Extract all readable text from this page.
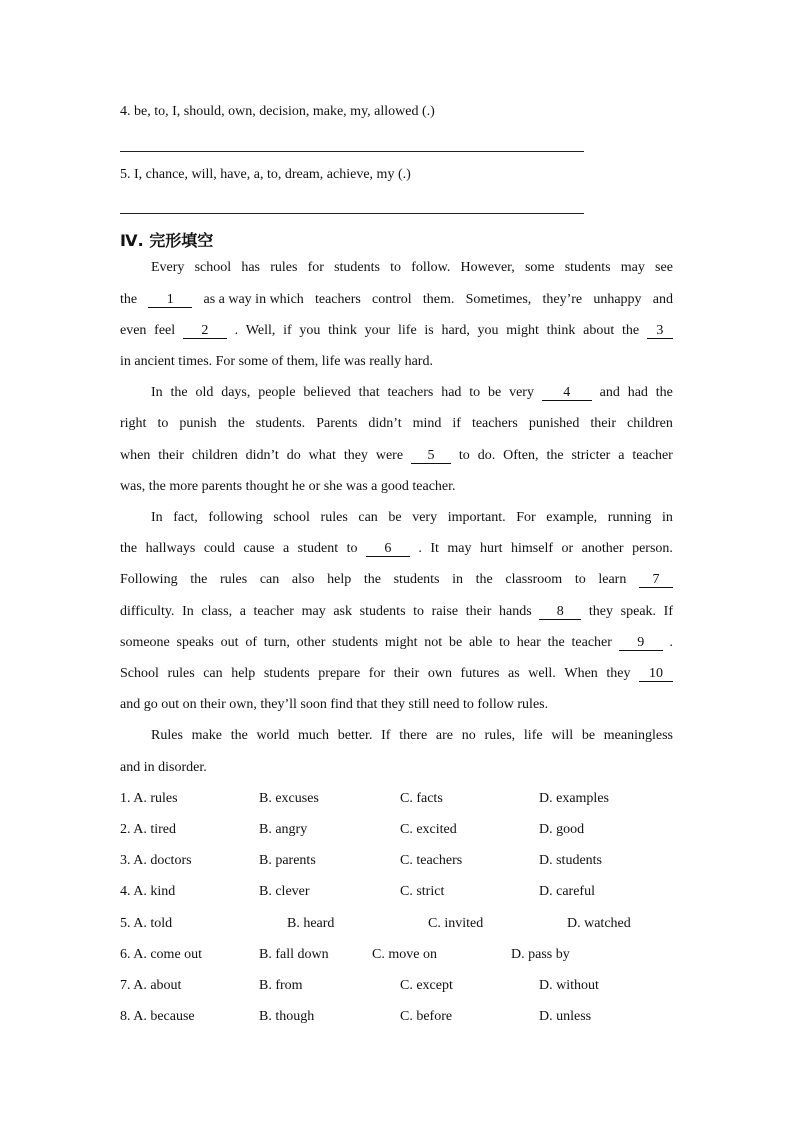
4. be, to, I, should, own, decision, make, my, allowed (.)
5. I, chance, will, have, a, to, dream, achieve, my (.)
Ⅳ. 完形填空
Every school has rules for students to follow. However, some students may see
the	1	as a way in which teachers control them. Sometimes, they’re unhappy and
even feel	2	. Well, if you think your life is hard, you might think about the	3
in ancient times. For some of them, life was really hard.
In the old days, people believed that teachers had to be very	4	and had the
right to punish the students. Parents didn’t mind if teachers punished their children
when their children didn’t do what they were	5	to do. Often, the stricter a teacher
was, the more parents thought he or she was a good teacher.
In fact, following school rules can be very important. For example, running in
the hallways could cause a student to	6	. It may hurt himself or another person.
Following the rules can also help the students in the classroom to learn	7
difficulty. In class, a teacher may ask students to raise their hands	8	they speak. If
someone speaks out of turn, other students might not be able to hear the teacher	9	.
School rules can help students prepare for their own futures as well. When they	10
and go out on their own, they’ll soon find that they still need to follow rules.
Rules make the world much better. If there are no rules, life will be meaningless
and in disorder.
1. A. rules	B. excuses	C. facts	D. examples
2. A. tired	B. angry	C. excited	D. good
3. A. doctors	B. parents	C. teachers	D. students
4. A. kind	B. clever	C. strict	D. careful
5. A. told	B. heard	C. invited	D. watched
6. A. come out	B. fall down	C. move on	D. pass by
7. A. about	B. from	C. except	D. without
8. A. because	B. though	C. before	D. unless
